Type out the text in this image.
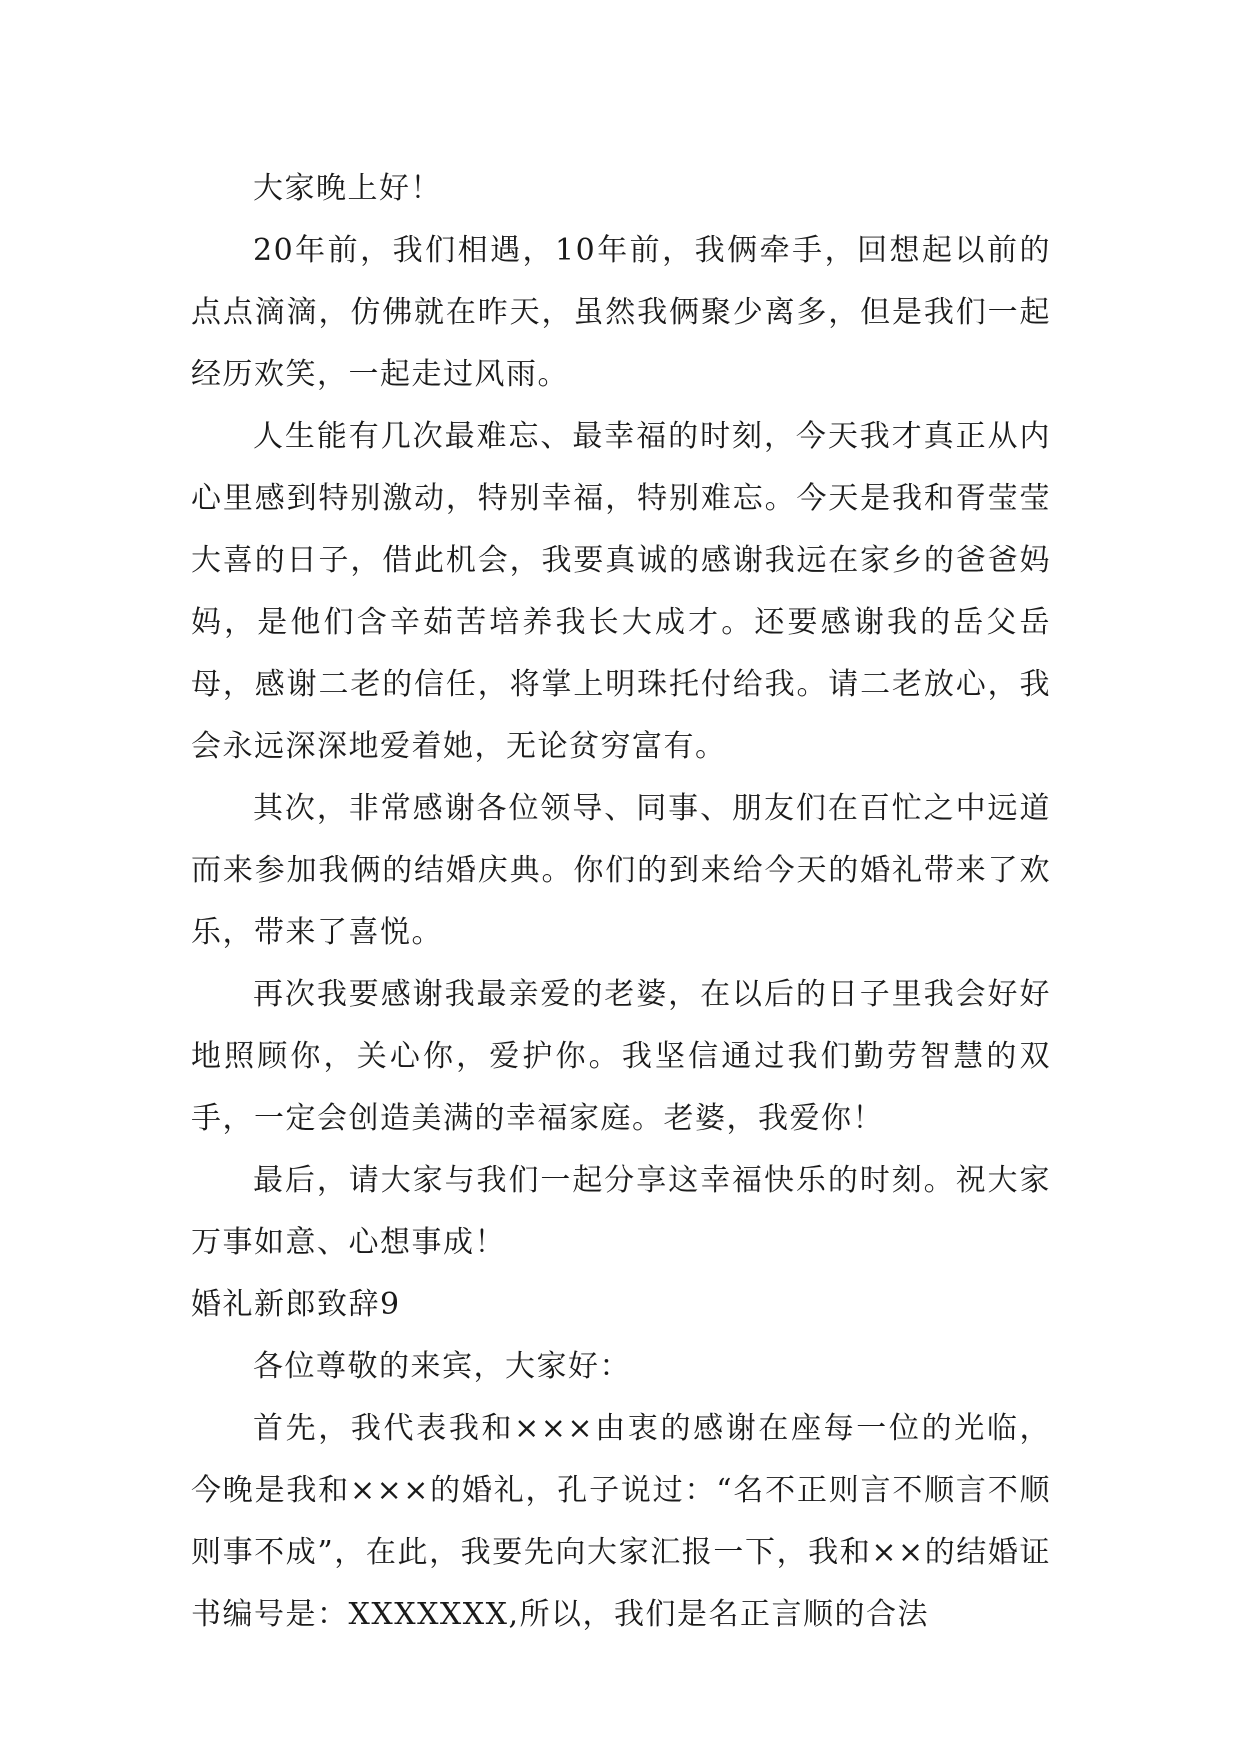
大家晚上好！

20年前，我们相遇，10年前，我俩牵手，回想起以前的点点滴滴，仿佛就在昨天，虽然我俩聚少离多，但是我们一起经历欢笑，一起走过风雨。

人生能有几次最难忘、最幸福的时刻，今天我才真正从内心里感到特别激动，特别幸福，特别难忘。今天是我和胥莹莹大喜的日子，借此机会，我要真诚的感谢我远在家乡的爸爸妈妈，是他们含辛茹苦培养我长大成才。还要感谢我的岳父岳母，感谢二老的信任，将掌上明珠托付给我。请二老放心，我会永远深深地爱着她，无论贫穷富有。

其次，非常感谢各位领导、同事、朋友们在百忙之中远道而来参加我俩的结婚庆典。你们的到来给今天的婚礼带来了欢乐，带来了喜悦。

再次我要感谢我最亲爱的老婆，在以后的日子里我会好好地照顾你，关心你，爱护你。我坚信通过我们勤劳智慧的双手，一定会创造美满的幸福家庭。老婆，我爱你！

最后，请大家与我们一起分享这幸福快乐的时刻。祝大家万事如意、心想事成！

婚礼新郎致辞9

各位尊敬的来宾，大家好：

首先，我代表我和×××由衷的感谢在座每一位的光临，今晚是我和×××的婚礼，孔子说过：“名不正则言不顺言不顺则事不成”，在此，我要先向大家汇报一下，我和××的结婚证书编号是：XXXXXXX,所以，我们是名正言顺的合法
